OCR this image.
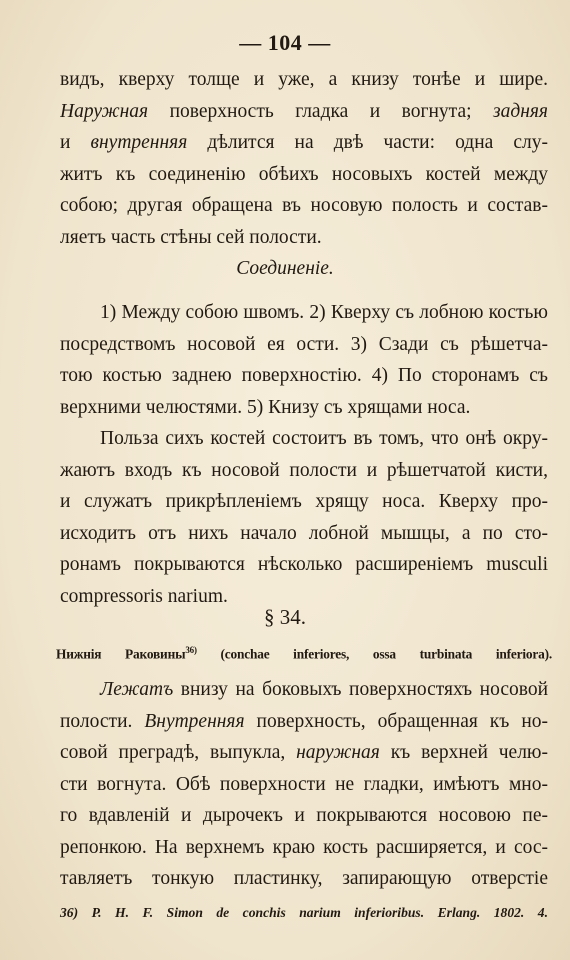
— 104 —
видъ, кверху толще и уже, а книзу тонѣе и шире.
Наружная поверхность гладка и вогнута; задняя
и внутренняя дѣлится на двѣ части: одна слу-
житъ къ соединенiю обѣихъ носовыхъ костей между
собою; другая обращена въ носовую полость и состав-
ляетъ часть стѣны сей полости.
Соединенie.
1) Между собою швомъ. 2) Кверху съ лобною костью
посредствомъ носовой ея ости. 3) Сзади съ рѣшетча-
тою костью заднею поверхностiю. 4) По сторонамъ съ
верхними челюстями. 5) Книзу съ хрящами носа.
Польза сихъ костей состоитъ въ томъ, что онѣ окру-
жаютъ входъ къ носовой полости и рѣшетчатой кисти,
и служатъ прикрѣпленiемъ хрящу носа. Кверху про-
исходитъ отъ нихъ начало лобной мышцы, а по сто-
ронамъ покрываются нѣсколько расширенiемъ musculi
compressoris narium.
§ 34.
Нижнiя Раковины$^{36)}$ (conchae inferiores, ossa turbinata inferiora).
Лежатъ внизу на боковыхъ поверхностяхъ носовой
полости. Внутренняя поверхность, обращенная къ но-
совой преградѣ, выпукла, наружная къ верхней челю-
сти вогнута. Обѣ поверхности не гладки, имѣютъ мно-
го вдавленiй и дырочекъ и покрываются носовою пе-
репонкою. На верхнемъ краю кость расширяется, и сос-
тавляетъ тонкую пластинку, запирающую отверстiе
36) P. H. F. Simon de conchis narium inferioribus. Erlang. 1802. 4.
